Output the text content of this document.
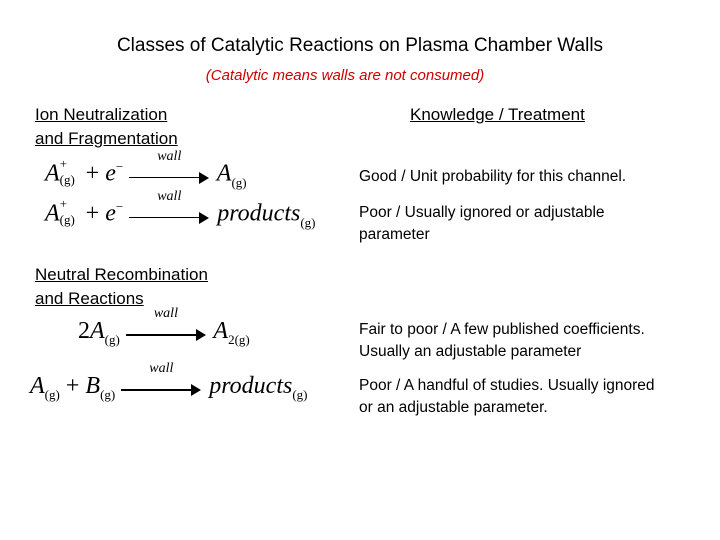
Classes of Catalytic Reactions on Plasma Chamber Walls
(Catalytic means walls are not consumed)
Ion Neutralization
and Fragmentation
Knowledge / Treatment
A +
(g) + e−
wall
$A_{(g)}$
A +
(g) + e−
wall
products$_{(g)}$
Good / Unit probability for this channel.
Poor / Usually ignored or adjustable
parameter
Neutral Recombination
and Reactions
$2A_{(g)}$
wall
$A_{2(g)}$
$A_{(g)} + B_{(g)}$
wall
products$_{(g)}$
Fair to poor / A few published coefficients.
Usually an adjustable parameter
Poor / A handful of studies. Usually ignored
or an adjustable parameter.
